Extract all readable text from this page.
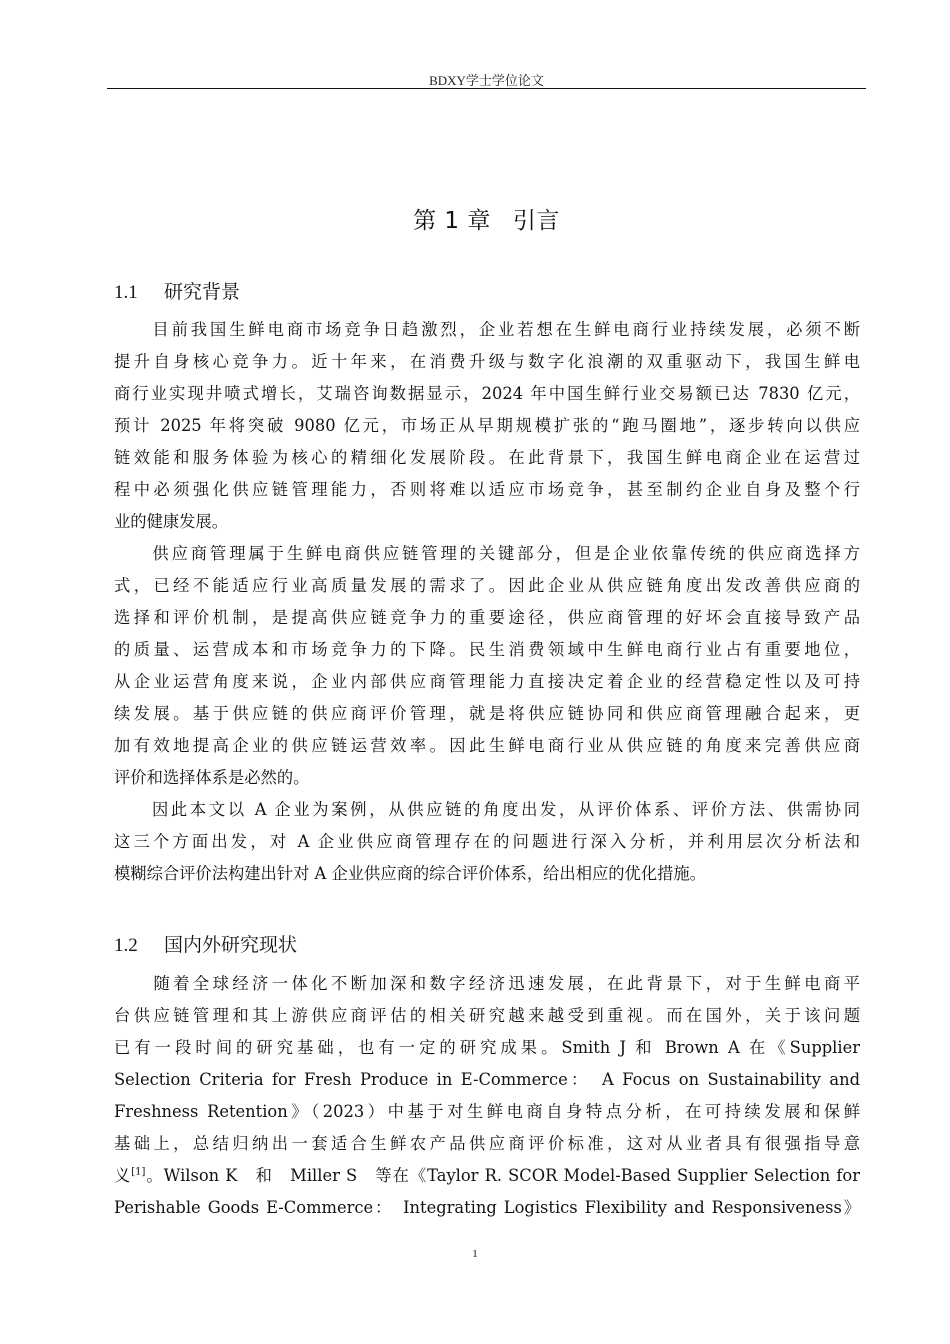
BDXY学士学位论文
第 1 章 引言
1.1 研究背景
　　目前我国生鲜电商市场竞争日趋激烈，企业若想在生鲜电商行业持续发展，必须不断
提升自身核心竞争力。近十年来，在消费升级与数字化浪潮的双重驱动下，我国生鲜电
商行业实现井喷式增长，艾瑞咨询数据显示，2024 年中国生鲜行业交易额已达 7830 亿元，
预计 2025 年将突破 9080 亿元，市场正从早期规模扩张的“跑马圈地”，逐步转向以供应
链效能和服务体验为核心的精细化发展阶段。在此背景下，我国生鲜电商企业在运营过
程中必须强化供应链管理能力，否则将难以适应市场竞争，甚至制约企业自身及整个行
业的健康发展。
　　供应商管理属于生鲜电商供应链管理的关键部分，但是企业依靠传统的供应商选择方
式，已经不能适应行业高质量发展的需求了。因此企业从供应链角度出发改善供应商的
选择和评价机制，是提高供应链竞争力的重要途径，供应商管理的好坏会直接导致产品
的质量、运营成本和市场竞争力的下降。民生消费领域中生鲜电商行业占有重要地位，
从企业运营角度来说，企业内部供应商管理能力直接决定着企业的经营稳定性以及可持
续发展。基于供应链的供应商评价管理，就是将供应链协同和供应商管理融合起来，更
加有效地提高企业的供应链运营效率。因此生鲜电商行业从供应链的角度来完善供应商
评价和选择体系是必然的。
　　因此本文以 A 企业为案例，从供应链的角度出发，从评价体系、评价方法、供需协同
这三个方面出发，对 A 企业供应商管理存在的问题进行深入分析，并利用层次分析法和
模糊综合评价法构建出针对 A 企业供应商的综合评价体系，给出相应的优化措施。
1.2 国内外研究现状
　　随着全球经济一体化不断加深和数字经济迅速发展，在此背景下，对于生鲜电商平
台供应链管理和其上游供应商评估的相关研究越来越受到重视。而在国外，关于该问题
已有一段时间的研究基础，也有一定的研究成果。Smith J 和 Brown A 在《Supplier
Selection Criteria for Fresh Produce in E-Commerce：　A Focus on Sustainability and
Freshness Retention》（2023）中基于对生鲜电商自身特点分析，在可持续发展和保鲜
基础上，总结归纳出一套适合生鲜农产品供应商评价标准，这对从业者具有很强指导意
义[1]。Wilson K　和　Miller S　等在《Taylor R. SCOR Model-Based Supplier Selection for
Perishable Goods E-Commerce：　Integrating Logistics Flexibility and Responsiveness》
1
